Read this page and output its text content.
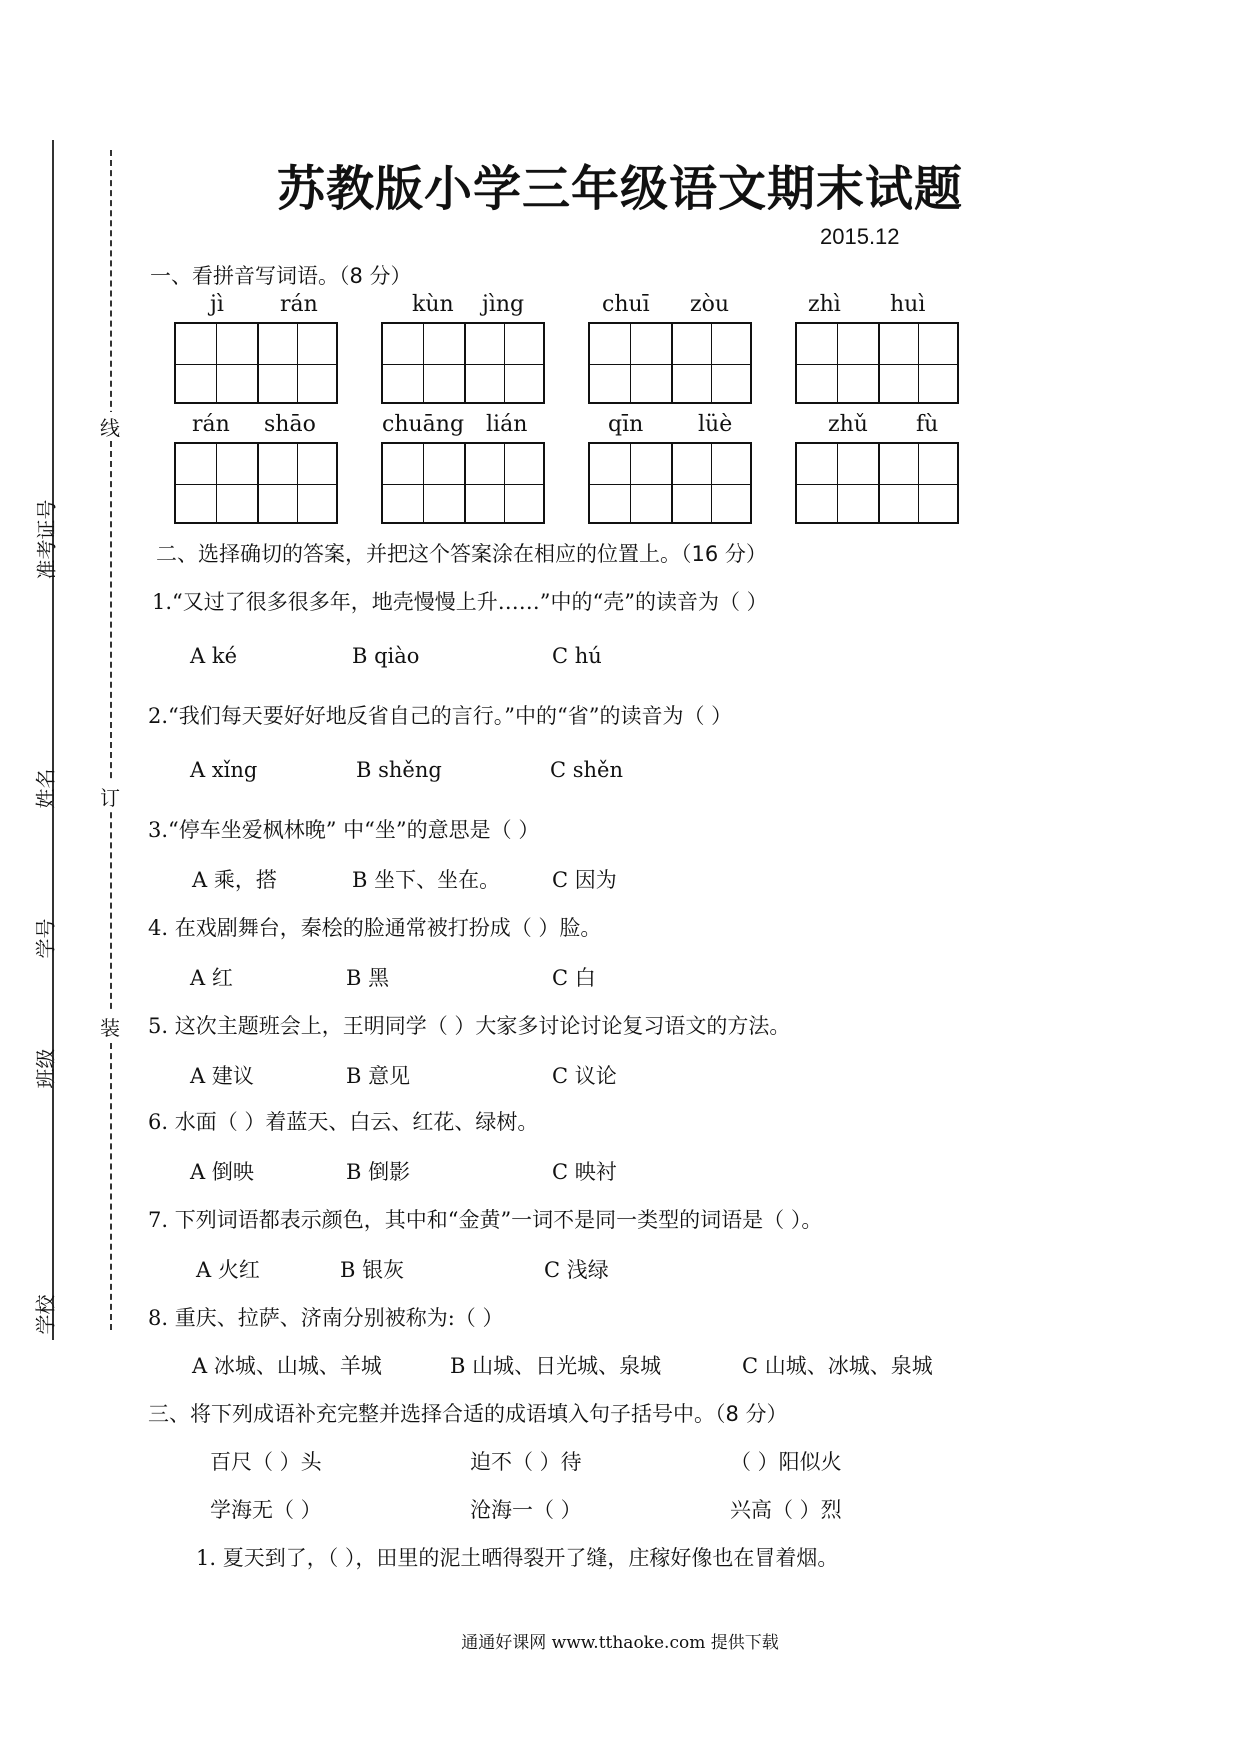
准考证号
姓名
学号
班级
学校
线
订
装
苏教版小学三年级语文期末试题
2015.12
一、看拼音写词语。（8 分）
jì	rán	kùn jìng	chuī zòu	zhì huì
rán shāo	chuāng lián	qīn lüè	zhǔ fù
二、选择确切的答案，并把这个答案涂在相应的位置上。（16 分）
1.“又过了很多很多年，地壳慢慢上升……”中的“壳”的读音为（ ）
A ké	B qiào	C hú
2.“我们每天要好好地反省自己的言行。”中的“省”的读音为（ ）
A xǐng	B shěng	C shěn
3.“停车坐爱枫林晚” 中“坐”的意思是（ ）
A 乘，搭	B 坐下、坐在。 C 因为
4. 在戏剧舞台，秦桧的脸通常被打扮成（ ）脸。
A 红	B 黑	C 白
5. 这次主题班会上，王明同学（ ）大家多讨论讨论复习语文的方法。
A 建议	B 意见	C 议论
6. 水面（ ）着蓝天、白云、红花、绿树。
A 倒映	B 倒影	C 映衬
7. 下列词语都表示颜色，其中和“金黄”一词不是同一类型的词语是（ ）。
A 火红	B 银灰	C 浅绿
8. 重庆、拉萨、济南分别被称为:（ ）
A 冰城、山城、羊城	B 山城、日光城、泉城	C 山城、冰城、泉城
三、将下列成语补充完整并选择合适的成语填入句子括号中。（8 分）
百尺（ ）头	迫不（ ）待	（ ）阳似火
学海无（ ）	沧海一（ ）	兴高（ ）烈
1. 夏天到了，（ ），田里的泥土晒得裂开了缝，庄稼好像也在冒着烟。
通通好课网 www.tthaoke.com 提供下载
